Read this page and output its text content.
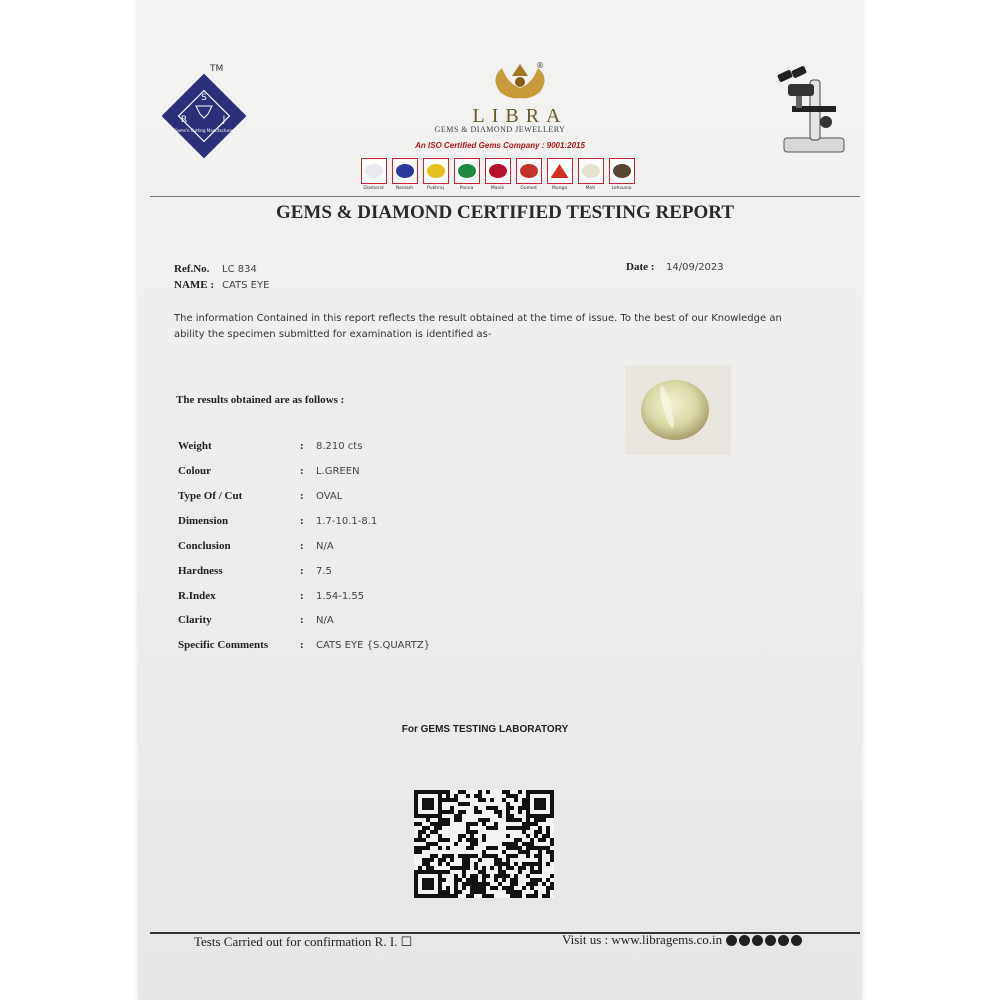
S
R	J
Gems'n Cutting Manufacturer
TM	®
LIBRA
GEMS & DIAMOND JEWELLERY
An ISO Certified Gems Company : 9001:2015
Diamond	Neelam	Pukhraj	Panna	Manik	Gomed	Munga	Moti	Lehsunia
GEMS & DIAMOND CERTIFIED TESTING REPORT
Ref.No. LC 834
NAME : CATS EYE
Date : 14/09/2023
The information Contained in this report reflects the result obtained at the time of issue. To the best of our Knowledge an ability the specimen submitted for examination is identified as-
The results obtained are as follows :
Weight	: 8.210 cts
Colour	: L.GREEN
Type Of / Cut	: OVAL
Dimension	: 1.7-10.1-8.1
Conclusion	: N/A
Hardness	: 7.5
R.Index	: 1.54-1.55
Clarity	: N/A
Specific Comments	: CATS EYE {S.QUARTZ}
For GEMS TESTING LABORATORY
Tests Carried out for confirmation R. I. ☐	Visit us : www.libragems.co.in
